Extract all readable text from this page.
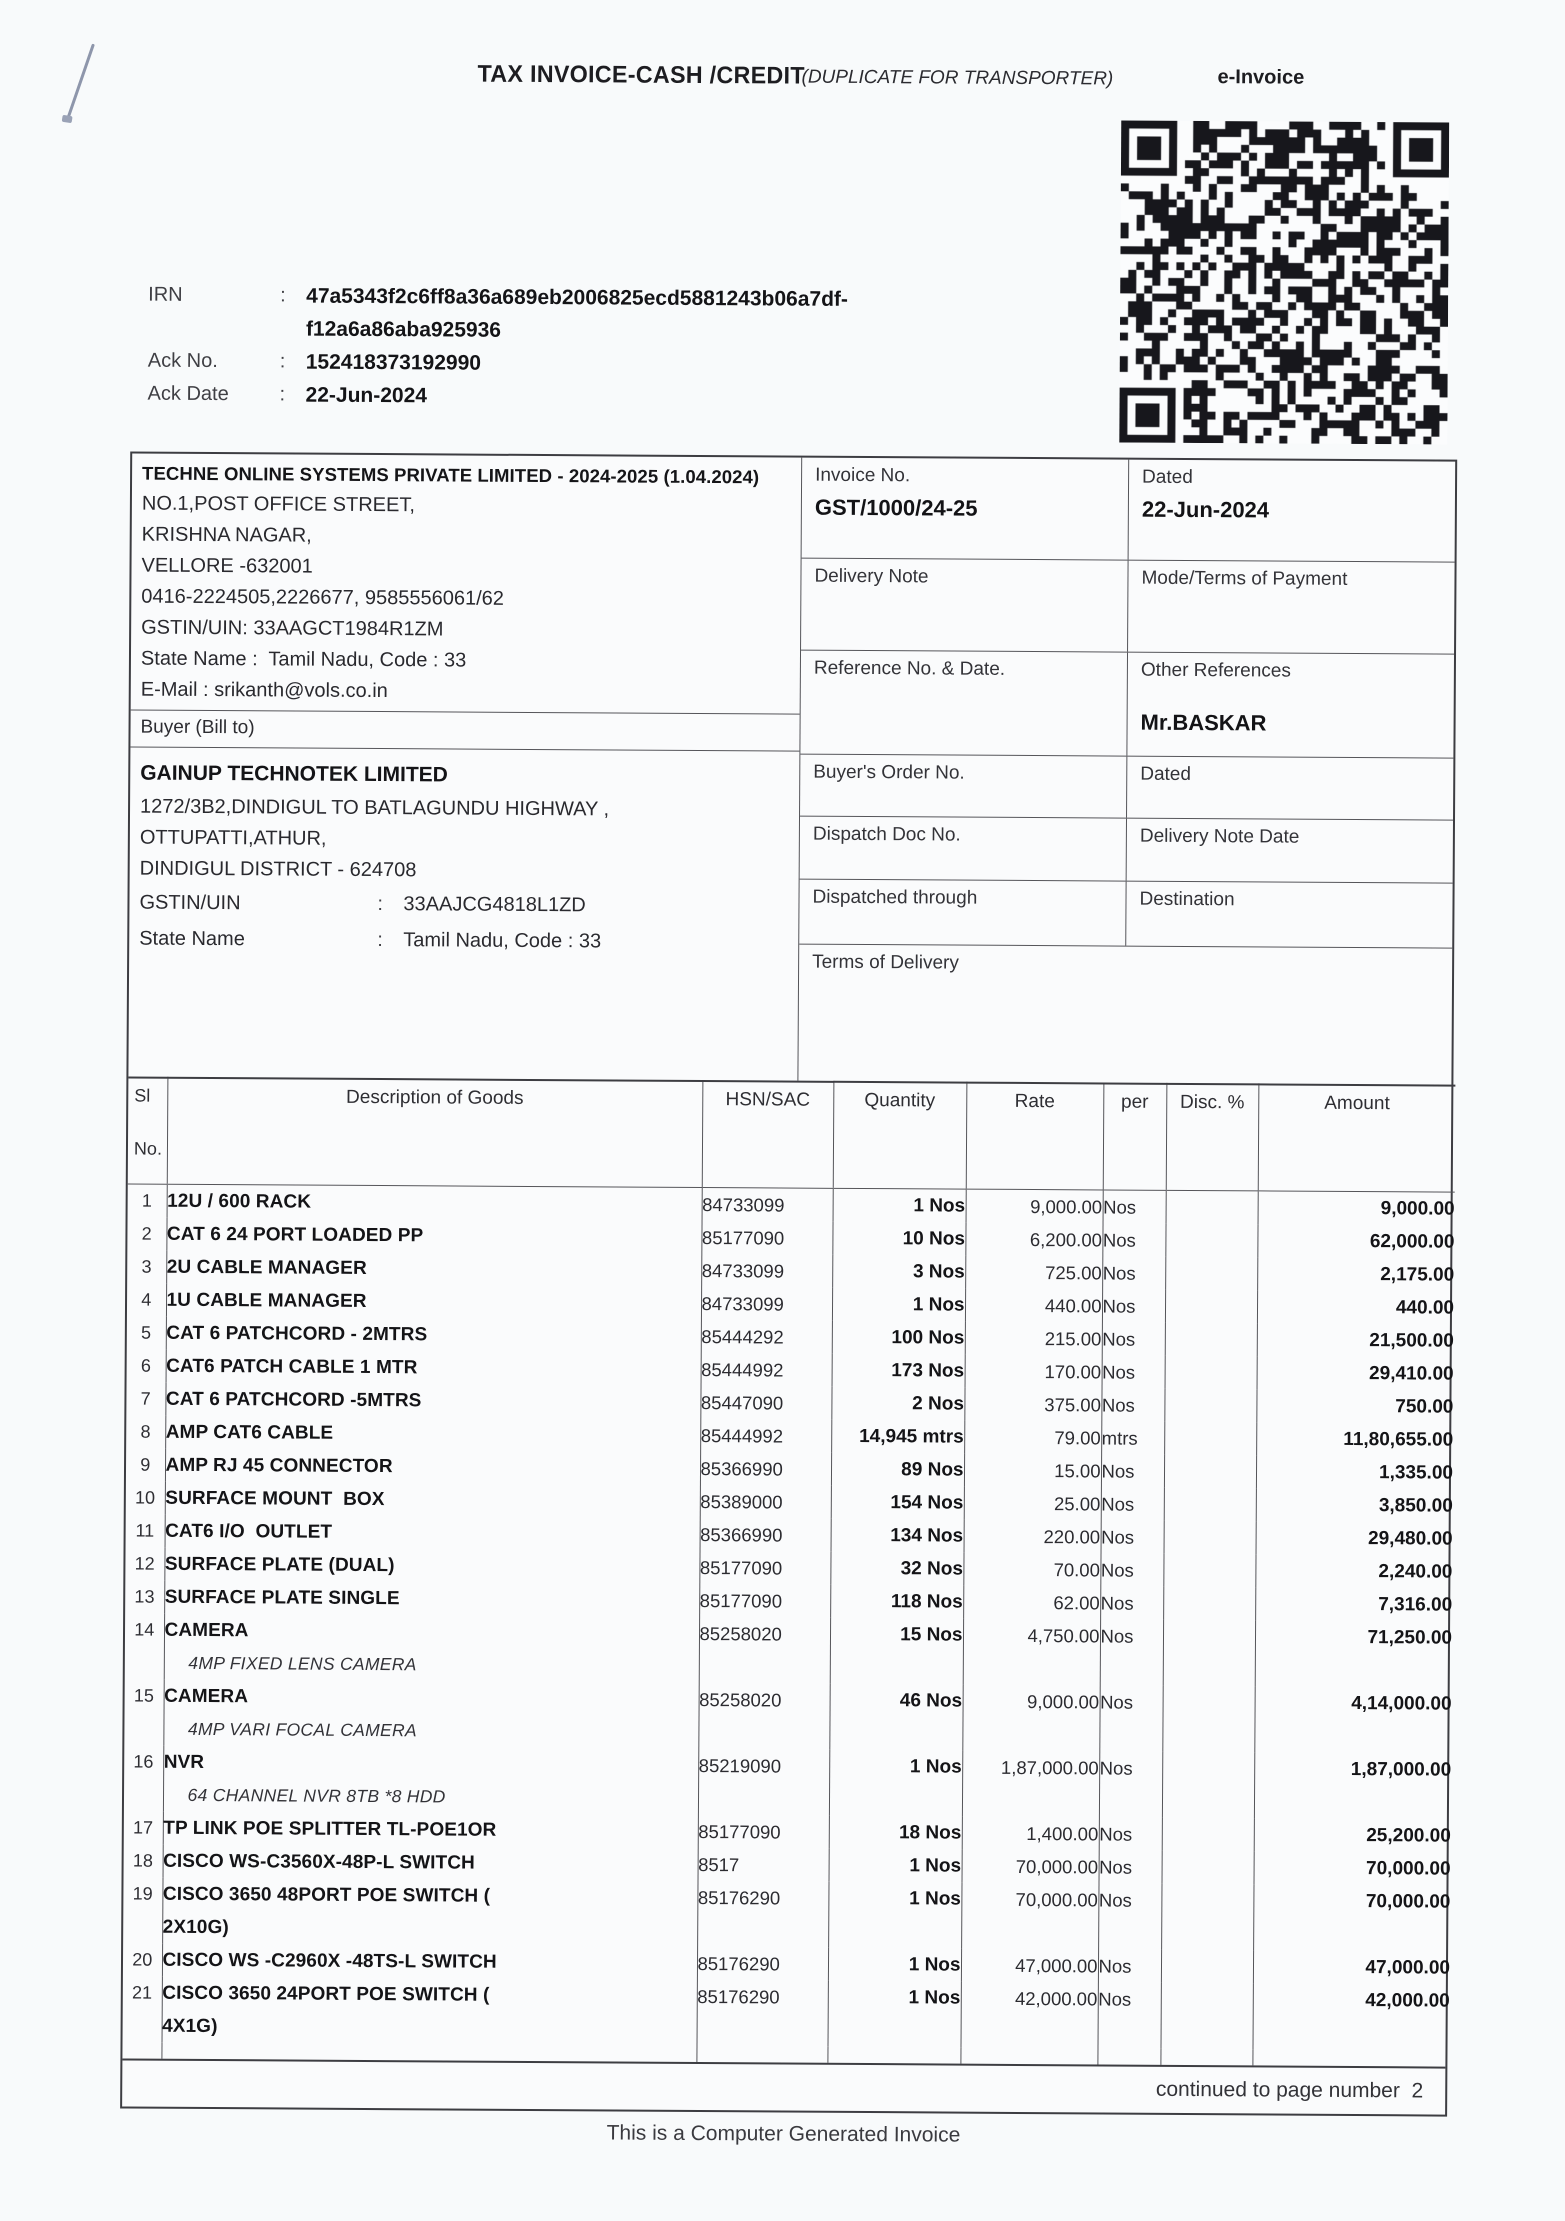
TAX INVOICE-CASH /CREDIT
(DUPLICATE FOR TRANSPORTER)	e-Invoice
IRN	: 47a5343f2c6ff8a36a689eb2006825ecd5881243b06a7df-
f12a6a86aba925936
Ack No.	: 152418373192990
Ack Date	: 22-Jun-2024
TECHNE ONLINE SYSTEMS PRIVATE LIMITED - 2024-2025 (1.04.2024)
NO.1,POST OFFICE STREET,
KRISHNA NAGAR,
VELLORE -632001
0416-2224505,2226677, 9585556061/62
GSTIN/UIN: 33AAGCT1984R1ZM
State Name :  Tamil Nadu, Code : 33
E-Mail : srikanth@vols.co.in
Buyer (Bill to)
GAINUP TECHNOTEK LIMITED
1272/3B2,DINDIGUL TO BATLAGUNDU HIGHWAY ,
OTTUPATTI,ATHUR,
DINDIGUL DISTRICT - 624708
GSTIN/UIN	:	33AAJCG4818L1ZD
State Name	:	Tamil Nadu, Code : 33
Invoice No.
GST/1000/24-25
Dated
22-Jun-2024
Delivery Note	Mode/Terms of Payment
Reference No. & Date.	Other References
Mr.BASKAR
Buyer's Order No.	Dated
Dispatch Doc No.	Delivery Note Date
Dispatched through	Destination
Terms of Delivery
Sl
No.	Description of Goods	HSN/SAC	Quantity	Rate	per	Disc. %	Amount
1	12U / 600 RACK	84733099	1 Nos	9,000.00	Nos		9,000.00
2	CAT 6 24 PORT LOADED PP	85177090	10 Nos	6,200.00	Nos		62,000.00
3	2U CABLE MANAGER	84733099	3 Nos	725.00	Nos		2,175.00
4	1U CABLE MANAGER	84733099	1 Nos	440.00	Nos		440.00
5	CAT 6 PATCHCORD - 2MTRS	85444292	100 Nos	215.00	Nos		21,500.00
6	CAT6 PATCH CABLE 1 MTR	85444992	173 Nos	170.00	Nos		29,410.00
7	CAT 6 PATCHCORD -5MTRS	85447090	2 Nos	375.00	Nos		750.00
8	AMP CAT6 CABLE	85444992	14,945 mtrs	79.00	mtrs		11,80,655.00
9	AMP RJ 45 CONNECTOR	85366990	89 Nos	15.00	Nos		1,335.00
10	SURFACE MOUNT  BOX	85389000	154 Nos	25.00	Nos		3,850.00
11	CAT6 I/O  OUTLET	85366990	134 Nos	220.00	Nos		29,480.00
12	SURFACE PLATE (DUAL)	85177090	32 Nos	70.00	Nos		2,240.00
13	SURFACE PLATE SINGLE	85177090	118 Nos	62.00	Nos		7,316.00
14	CAMERA
4MP FIXED LENS CAMERA	85258020	15 Nos	4,750.00	Nos		71,250.00
15	CAMERA
4MP VARI FOCAL CAMERA	85258020	46 Nos	9,000.00	Nos		4,14,000.00
16	NVR
64 CHANNEL NVR 8TB *8 HDD	85219090	1 Nos	1,87,000.00	Nos		1,87,000.00
17	TP LINK POE SPLITTER TL-POE1OR	85177090	18 Nos	1,400.00	Nos		25,200.00
18	CISCO WS-C3560X-48P-L SWITCH	8517	1 Nos	70,000.00	Nos		70,000.00
19	CISCO 3650 48PORT POE SWITCH (
2X10G)	85176290	1 Nos	70,000.00	Nos		70,000.00
20	CISCO WS -C2960X -48TS-L SWITCH	85176290	1 Nos	47,000.00	Nos		47,000.00
21	CISCO 3650 24PORT POE SWITCH (
4X1G)	85176290	1 Nos	42,000.00	Nos		42,000.00

continued to page number  2
This is a Computer Generated Invoice
